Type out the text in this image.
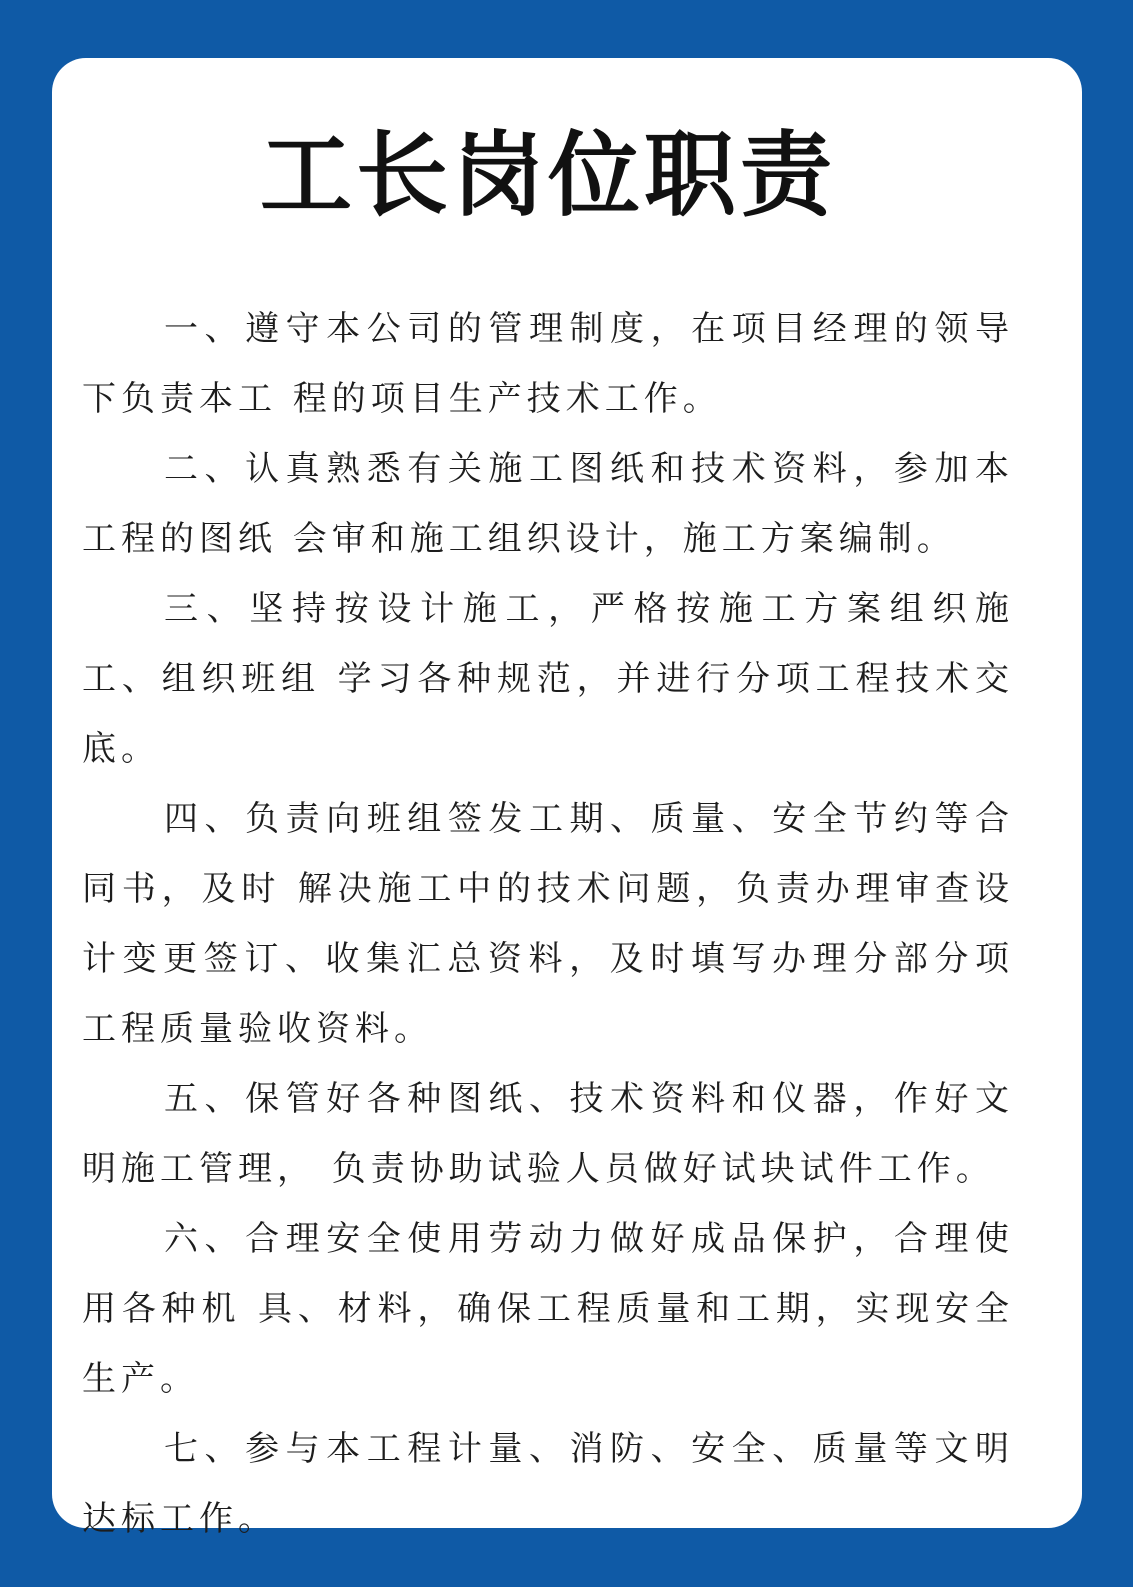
工长岗位职责

一、遵守本公司的管理制度，在项目经理的领导下负责本工 程的项目生产技术工作。

二、认真熟悉有关施工图纸和技术资料，参加本工程的图纸 会审和施工组织设计，施工方案编制。

三、坚持按设计施工，严格按施工方案组织施工、组织班组 学习各种规范，并进行分项工程技术交底。

四、负责向班组签发工期、质量、安全节约等合同书，及时 解决施工中的技术问题，负责办理审查设计变更签订、收集汇总资料，及时填写办理分部分项工程质量验收资料。

五、保管好各种图纸、技术资料和仪器，作好文明施工管理， 负责协助试验人员做好试块试件工作。

六、合理安全使用劳动力做好成品保护，合理使用各种机 具、材料，确保工程质量和工期，实现安全生产。

七、参与本工程计量、消防、安全、质量等文明达标工作。
